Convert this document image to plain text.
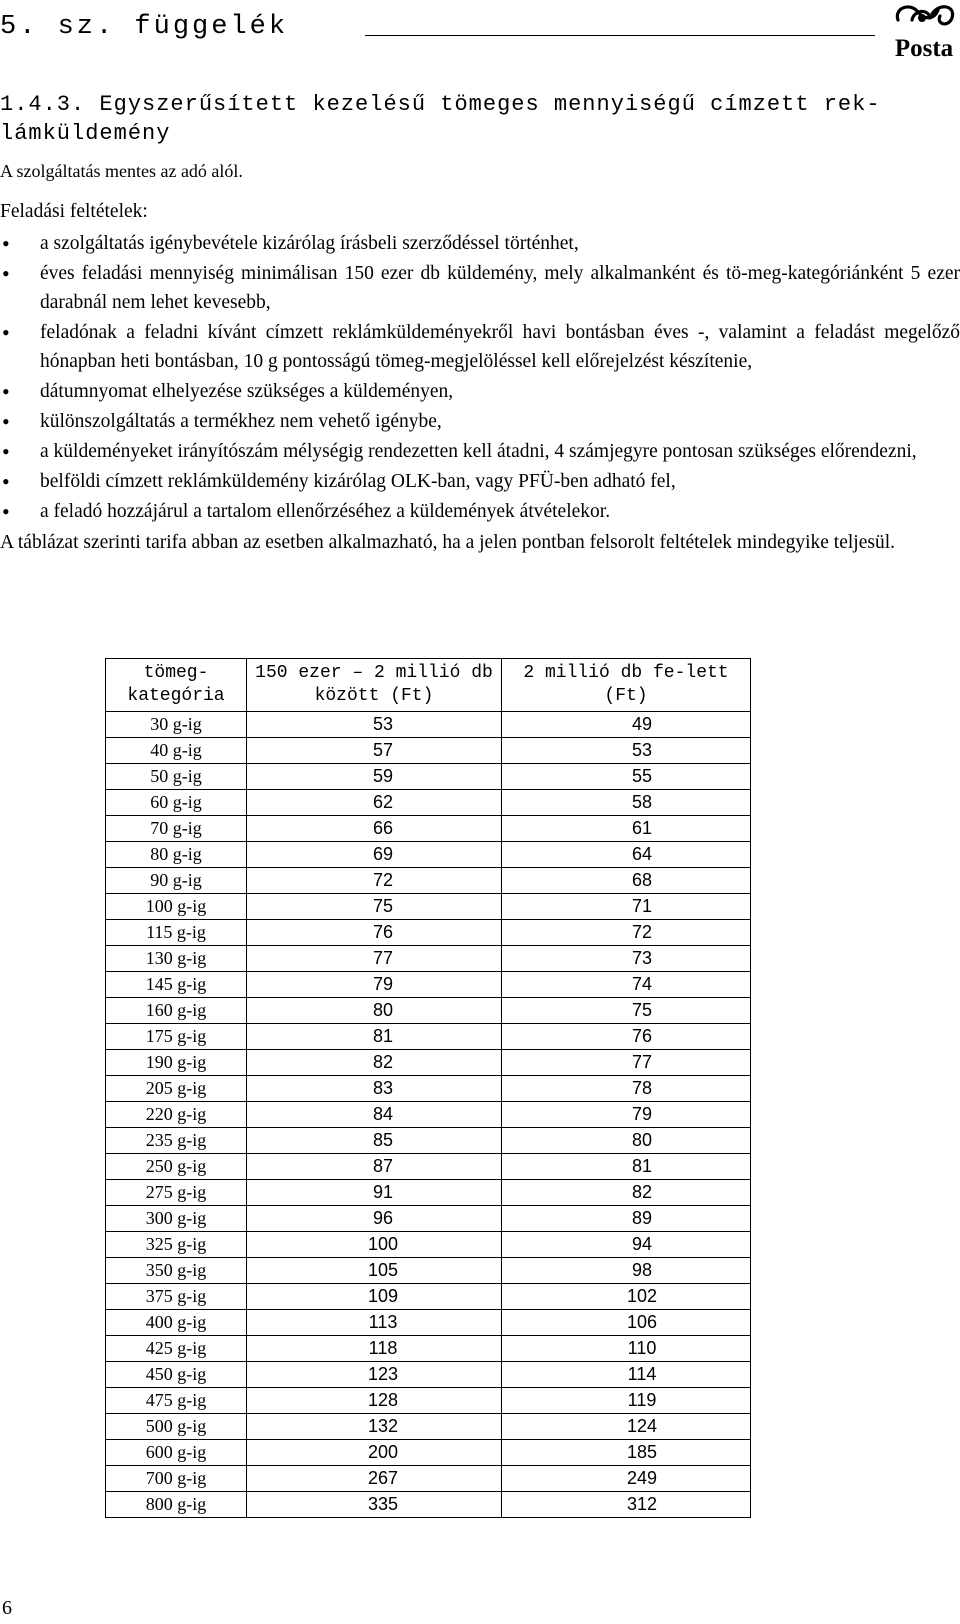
5. sz. függelék
Posta
1.4.3. Egyszerűsített kezelésű tömeges mennyiségű címzett rek-lámküldemény
A szolgáltatás mentes az adó alól.
Feladási feltételek:
• a szolgáltatás igénybevétele kizárólag írásbeli szerződéssel történhet,
• éves feladási mennyiség minimálisan 150 ezer db küldemény, mely alkalmanként és tö-meg-kategóriánként 5 ezer darabnál nem lehet kevesebb,
• feladónak a feladni kívánt címzett reklámküldeményekről havi bontásban éves -, valamint a feladást megelőző hónapban heti bontásban, 10 g pontosságú tömeg-megjelöléssel kell előrejelzést készítenie,
• dátumnyomat elhelyezése szükséges a küldeményen,
• különszolgáltatás a termékhez nem vehető igénybe,
• a küldeményeket irányítószám mélységig rendezetten kell átadni, 4 számjegyre pontosan szükséges előrendezni,
• belföldi címzett reklámküldemény kizárólag OLK-ban, vagy PFÜ-ben adható fel,
• a feladó hozzájárul a tartalom ellenőrzéséhez a küldemények átvételekor.
A táblázat szerinti tarifa abban az esetben alkalmazható, ha a jelen pontban felsorolt feltételek mindegyike teljesül.
tömeg-kategória	150 ezer – 2 millió db között (Ft)	2 millió db fe-lett (Ft)
30 g-ig	53	49
40 g-ig	57	53
50 g-ig	59	55
60 g-ig	62	58
70 g-ig	66	61
80 g-ig	69	64
90 g-ig	72	68
100 g-ig	75	71
115 g-ig	76	72
130 g-ig	77	73
145 g-ig	79	74
160 g-ig	80	75
175 g-ig	81	76
190 g-ig	82	77
205 g-ig	83	78
220 g-ig	84	79
235 g-ig	85	80
250 g-ig	87	81
275 g-ig	91	82
300 g-ig	96	89
325 g-ig	100	94
350 g-ig	105	98
375 g-ig	109	102
400 g-ig	113	106
425 g-ig	118	110
450 g-ig	123	114
475 g-ig	128	119
500 g-ig	132	124
600 g-ig	200	185
700 g-ig	267	249
800 g-ig	335	312
6
